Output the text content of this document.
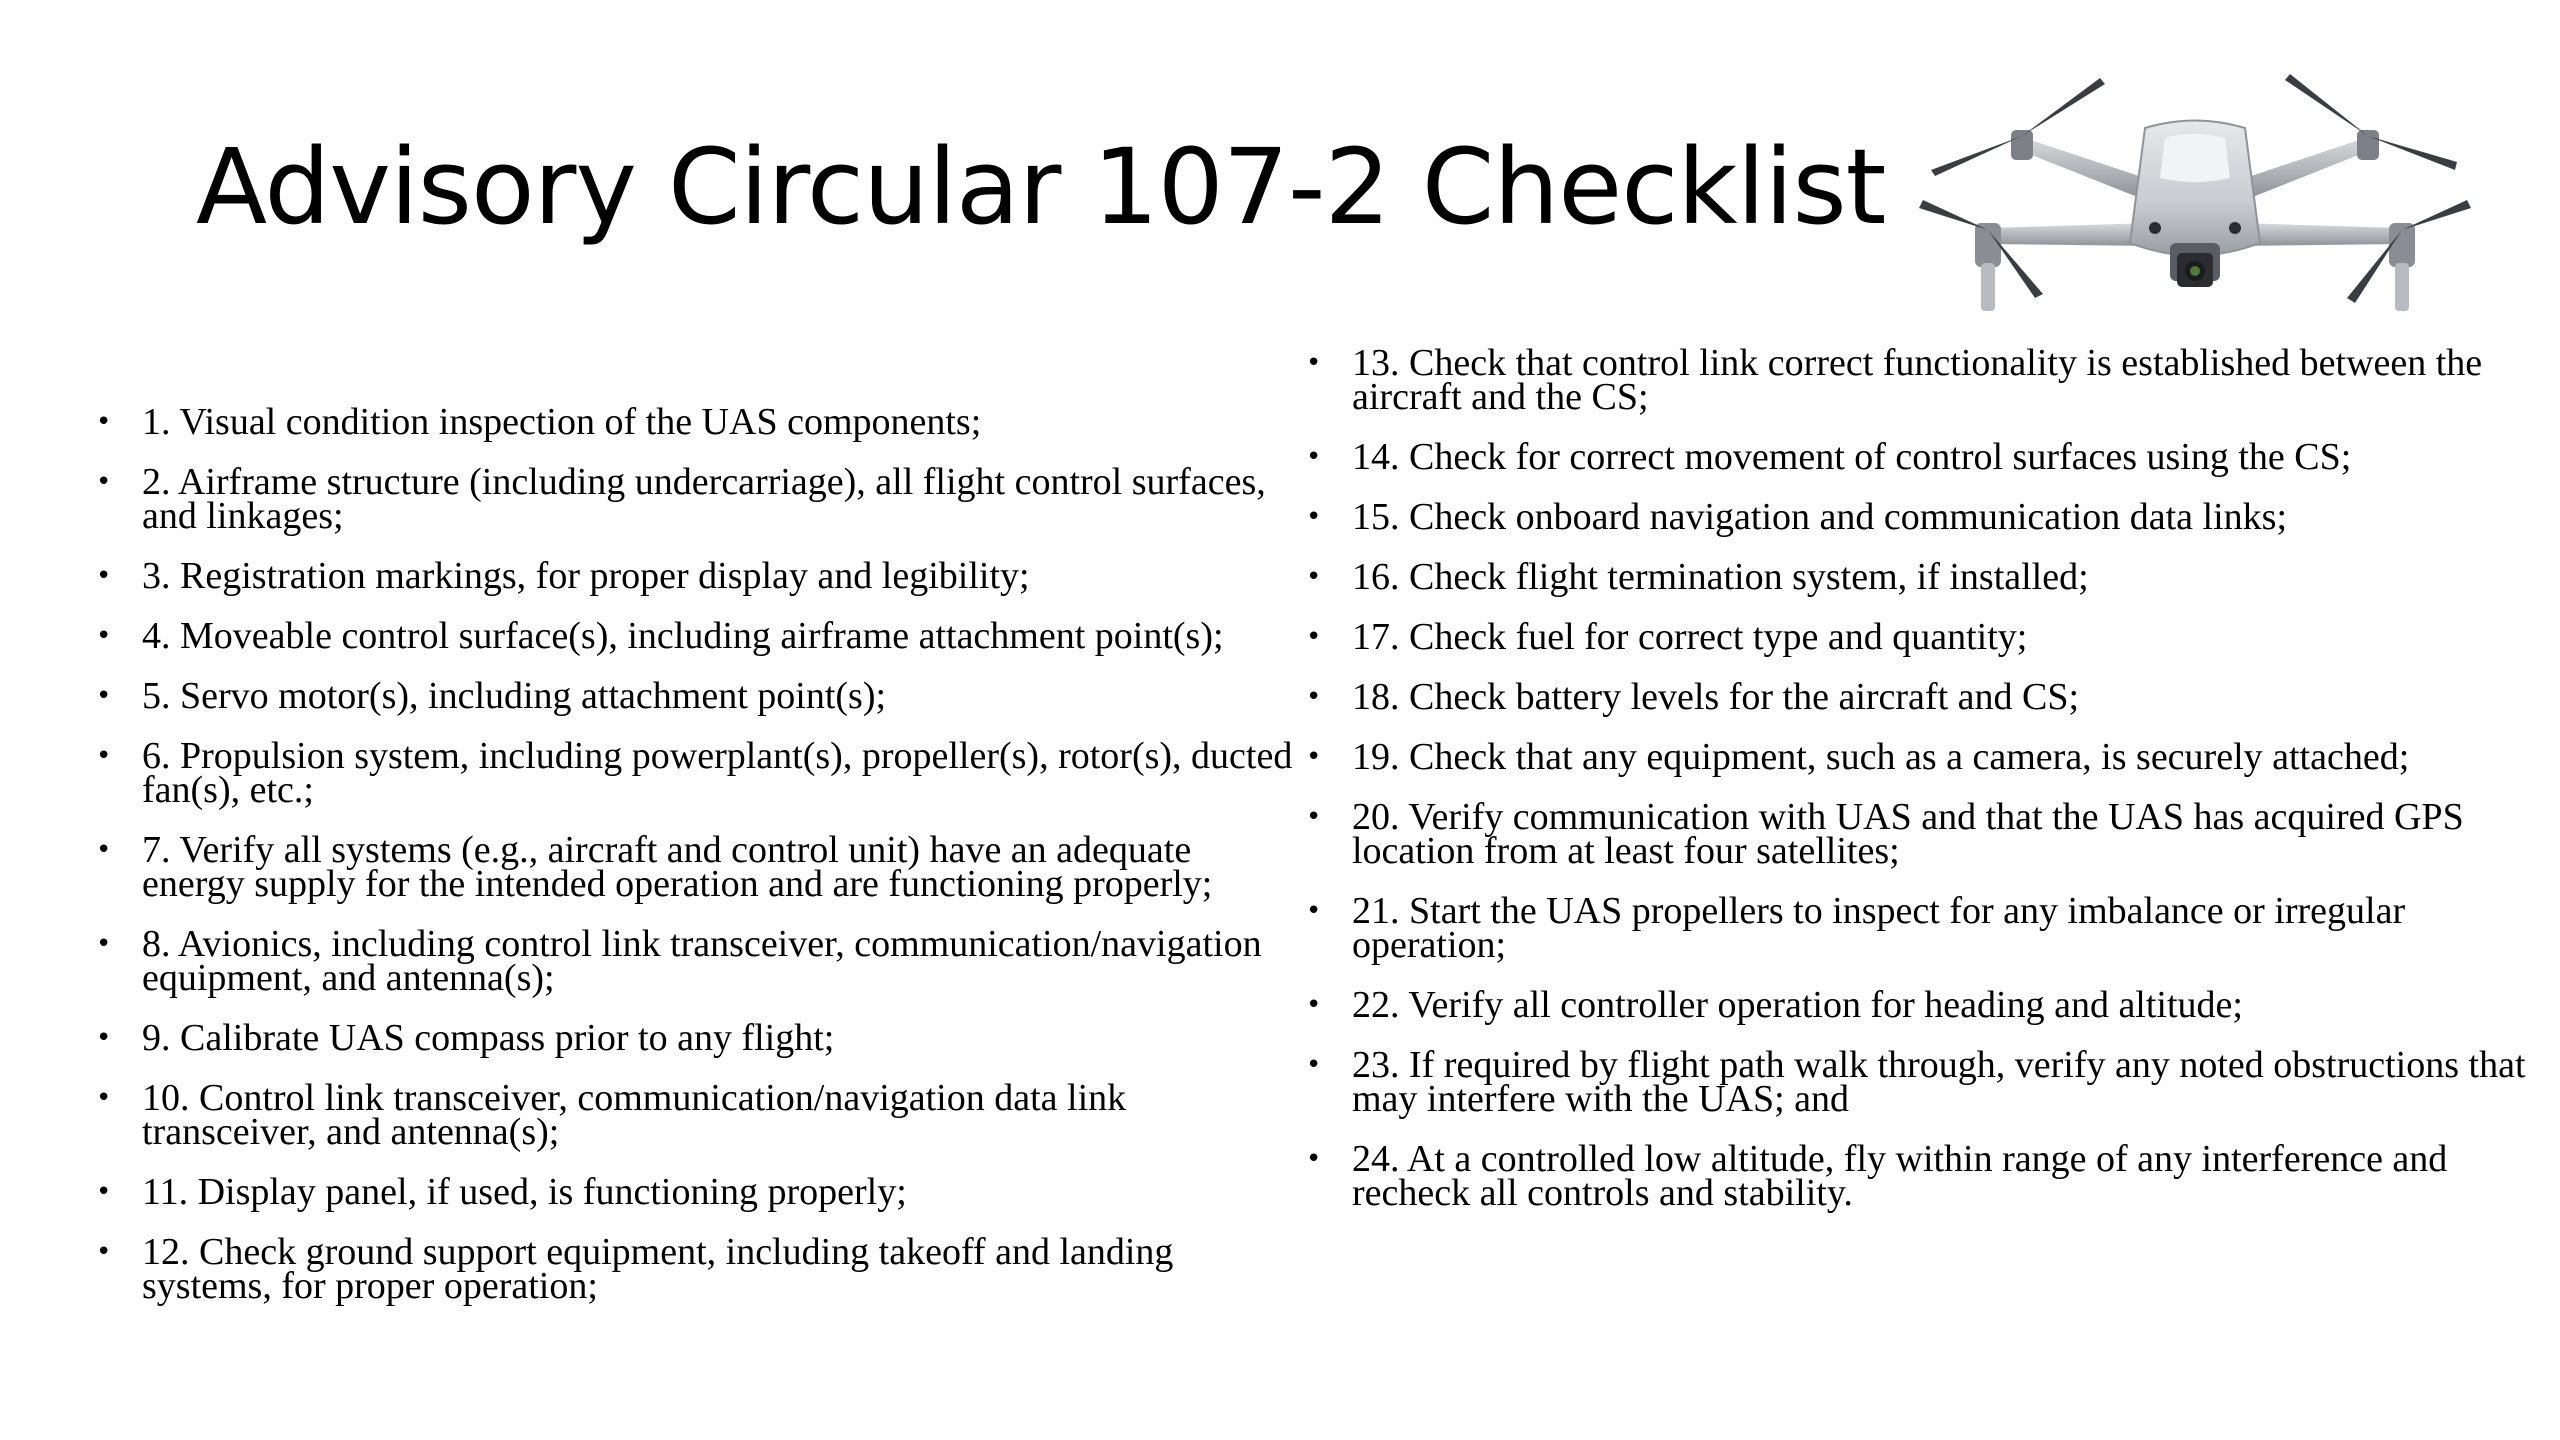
Advisory Circular 107-2 Checklist
• 1. Visual condition inspection of the UAS components;
• 2. Airframe structure (including undercarriage), all flight control surfaces, and linkages;
• 3. Registration markings, for proper display and legibility;
• 4. Moveable control surface(s), including airframe attachment point(s);
• 5. Servo motor(s), including attachment point(s);
• 6. Propulsion system, including powerplant(s), propeller(s), rotor(s), ducted fan(s), etc.;
• 7. Verify all systems (e.g., aircraft and control unit) have an adequate energy supply for the intended operation and are functioning properly;
• 8. Avionics, including control link transceiver, communication/navigation equipment, and antenna(s);
• 9. Calibrate UAS compass prior to any flight;
• 10. Control link transceiver, communication/navigation data link transceiver, and antenna(s);
• 11. Display panel, if used, is functioning properly;
• 12. Check ground support equipment, including takeoff and landing systems, for proper operation;
• 13. Check that control link correct functionality is established between the aircraft and the CS;
• 14. Check for correct movement of control surfaces using the CS;
• 15. Check onboard navigation and communication data links;
• 16. Check flight termination system, if installed;
• 17. Check fuel for correct type and quantity;
• 18. Check battery levels for the aircraft and CS;
• 19. Check that any equipment, such as a camera, is securely attached;
• 20. Verify communication with UAS and that the UAS has acquired GPS location from at least four satellites;
• 21. Start the UAS propellers to inspect for any imbalance or irregular operation;
• 22. Verify all controller operation for heading and altitude;
• 23. If required by flight path walk through, verify any noted obstructions that may interfere with the UAS; and
• 24. At a controlled low altitude, fly within range of any interference and recheck all controls and stability.
